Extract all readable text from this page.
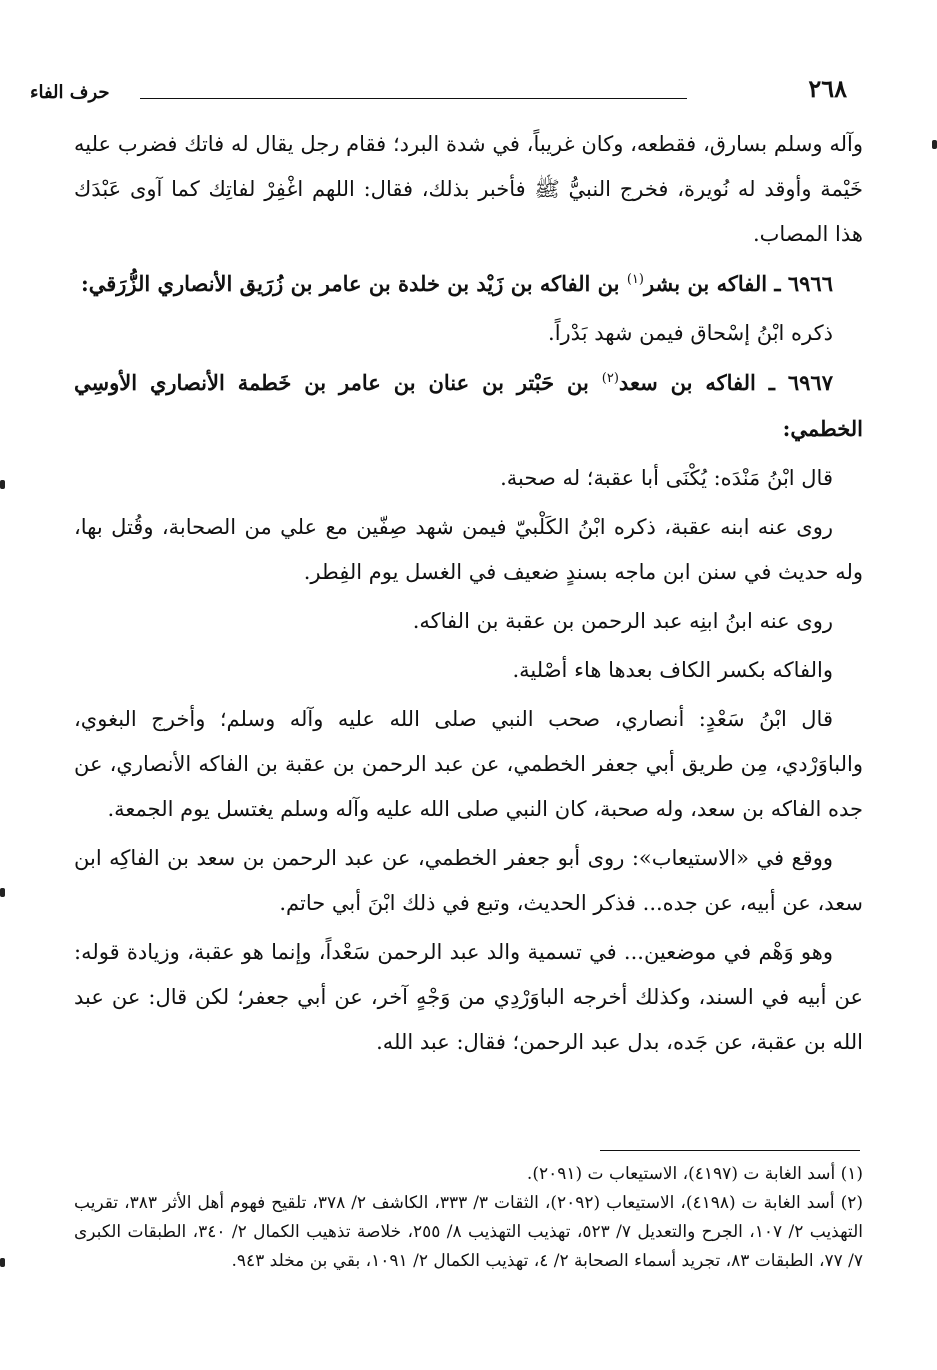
٢٦٨
حرف الفاء

وآله وسلم بسارق، فقطعه، وكان غريباً، في شدة البرد؛ فقام رجل يقال له فاتك فضرب عليه خَيْمة وأوقد له نُويرة، فخرج النبيُّ ﷺ فأخبر بذلك، فقال: اللهم اغْفِرْ لفاتِك كما آوى عَبْدَك هذا المصاب.

٦٩٦٦ ـ الفاكه بن بشر$^{(١)}$ بن الفاكه بن زَيْد بن خلدة بن عامر بن زُرَيق الأنصاري الزُّرَقي:

ذكره ابْنُ إسْحاق فيمن شهد بَدْراً.

٦٩٦٧ ـ الفاكه بن سعد$^{(٢)}$ بن حَبْتر بن عنان بن عامر بن خَطمة الأنصاري الأوسِي الخطمي:

قال ابْنُ مَنْدَه: يُكْنَى أبا عقبة؛ له صحبة.

روى عنه ابنه عقبة، ذكره ابْنُ الكَلْبيّ فيمن شهد صِفّين مع علي من الصحابة، وقُتل بها، وله حديث في سنن ابن ماجه بسندٍ ضعيف في الغسل يوم الفِطر.

روى عنه ابنُ ابنِه عبد الرحمن بن عقبة بن الفاكه.

والفاكه بكسر الكاف بعدها هاء أصْلية.

قال ابْنُ سَعْدٍ: أنصاري، صحب النبي صلى الله عليه وآله وسلم؛ وأخرج البغوي، والباوَرْدي، مِن طريق أبي جعفر الخطمي، عن عبد الرحمن بن عقبة بن الفاكه الأنصاري، عن جده الفاكه بن سعد، وله صحبة، كان النبي صلى الله عليه وآله وسلم يغتسل يوم الجمعة.

ووقع في «الاستيعاب»: روى أبو جعفر الخطمي، عن عبد الرحمن بن سعد بن الفاكِه ابن سعد، عن أبيه، عن جده... فذكر الحديث، وتبع في ذلك ابْنَ أبي حاتم.

وهو وَهْم في موضعين... في تسمية والد عبد الرحمن سَعْداً، وإنما هو عقبة، وزيادة قوله: عن أبيه في السند، وكذلك أخرجه الباوَرْدِي من وَجْهٍ آخر، عن أبي جعفر؛ لكن قال: عن عبد الله بن عقبة، عن جَده، بدل عبد الرحمن؛ فقال: عبد الله.

(١) أسد الغابة ت (٤١٩٧)، الاستيعاب ت (٢٠٩١).

(٢) أسد الغابة ت (٤١٩٨)، الاستيعاب (٢٠٩٢)، الثقات ٣/ ٣٣٣، الكاشف ٢/ ٣٧٨، تلقيح فهوم أهل الأثر ٣٨٣، تقريب التهذيب ٢/ ١٠٧، الجرح والتعديل ٧/ ٥٢٣، تهذيب التهذيب ٨/ ٢٥٥، خلاصة تذهيب الكمال ٢/ ٣٤٠، الطبقات الكبرى ٧/ ٧٧، الطبقات ٨٣، تجريد أسماء الصحابة ٢/ ٤، تهذيب الكمال ٢/ ١٠٩١، بقي بن مخلد ٩٤٣.
